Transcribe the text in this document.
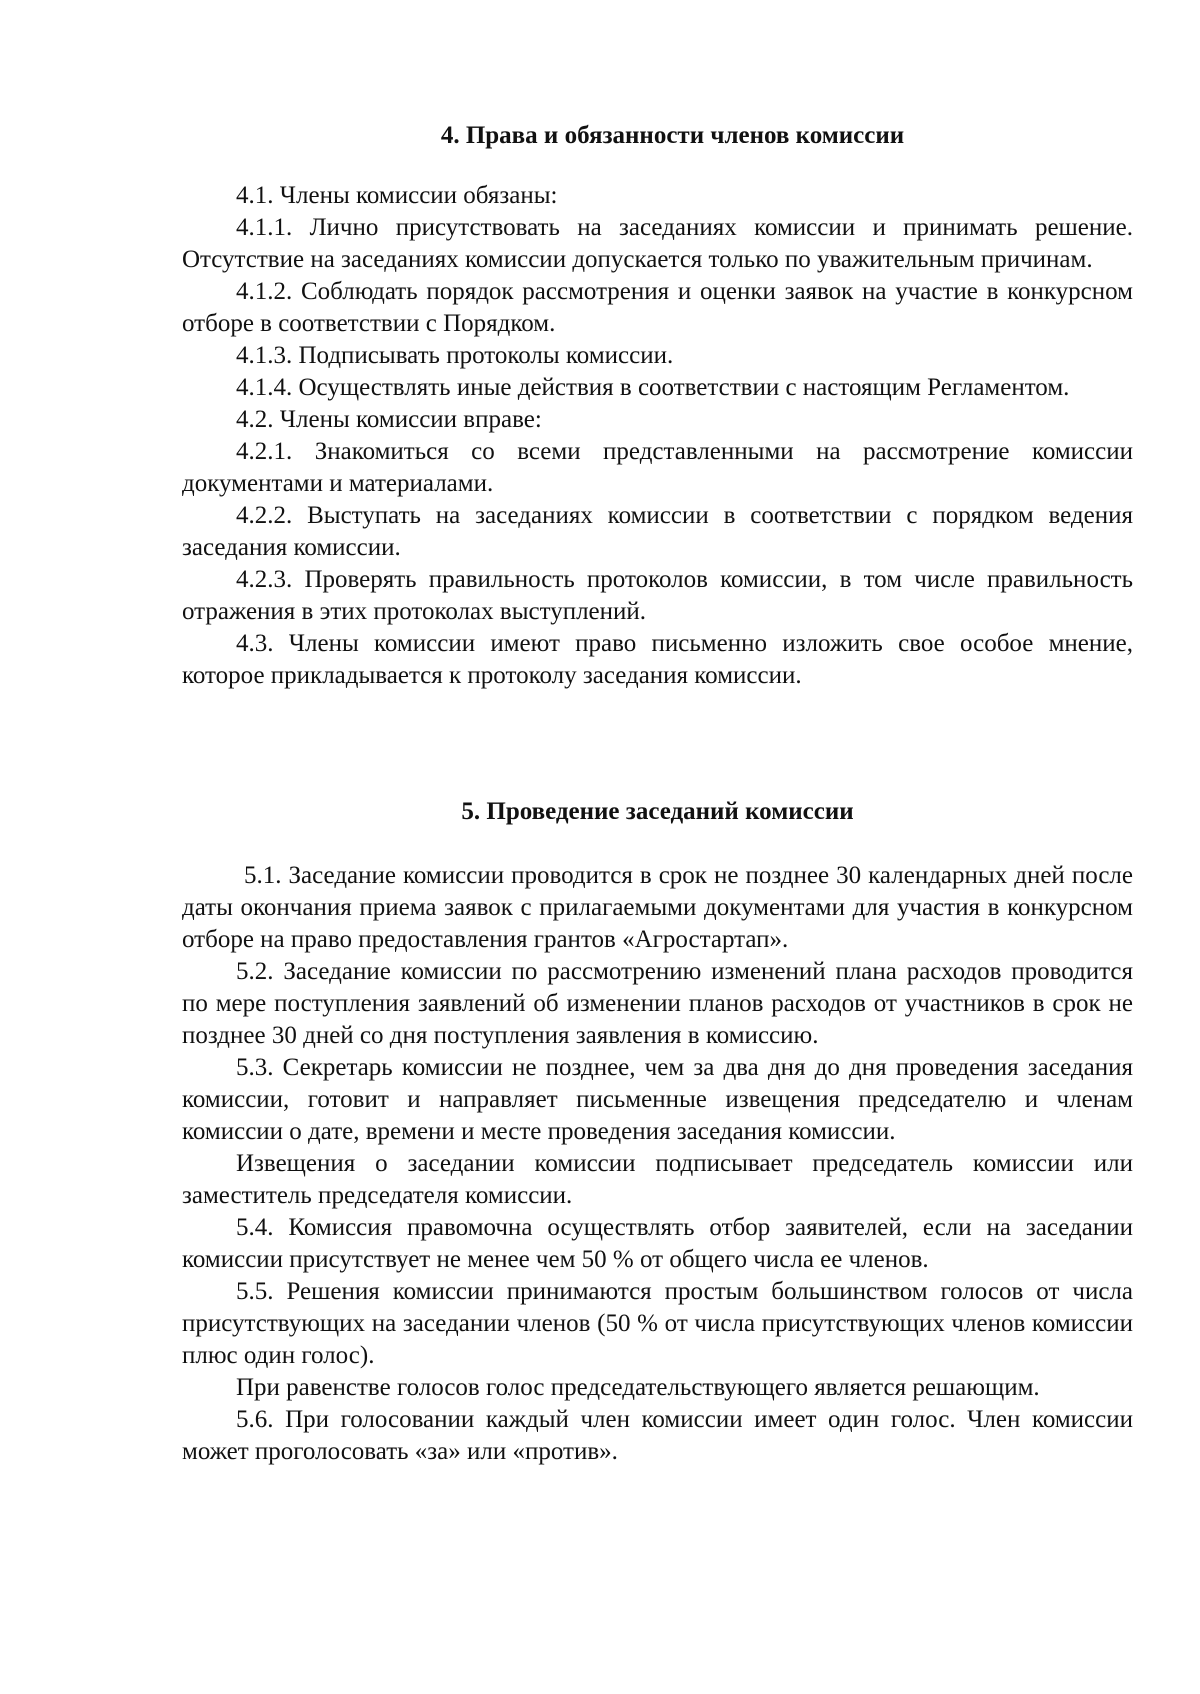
4. Права и обязанности членов комиссии

4.1. Члены комиссии обязаны:

4.1.1. Лично присутствовать на заседаниях комиссии и принимать решение. Отсутствие на заседаниях комиссии допускается только по уважительным причинам.

4.1.2. Соблюдать порядок рассмотрения и оценки заявок на участие в конкурсном отборе в соответствии с Порядком.

4.1.3. Подписывать протоколы комиссии.

4.1.4. Осуществлять иные действия в соответствии с настоящим Регламентом.

4.2. Члены комиссии вправе:

4.2.1. Знакомиться со всеми представленными на рассмотрение комиссии документами и материалами.

4.2.2. Выступать на заседаниях комиссии в соответствии с порядком ведения заседания комиссии.

4.2.3. Проверять правильность протоколов комиссии, в том числе правильность отражения в этих протоколах выступлений.

4.3. Члены комиссии имеют право письменно изложить свое особое мнение, которое прикладывается к протоколу заседания комиссии.

5. Проведение заседаний комиссии

5.1. Заседание комиссии проводится в срок не позднее 30 календарных дней после даты окончания приема заявок с прилагаемыми документами для участия в конкурсном отборе на право предоставления грантов «Агростартап».

5.2. Заседание комиссии по рассмотрению изменений плана расходов проводится по мере поступления заявлений об изменении планов расходов от участников в срок не позднее 30 дней со дня поступления заявления в комиссию.

5.3. Секретарь комиссии не позднее, чем за два дня до дня проведения заседания комиссии, готовит и направляет письменные извещения председателю и членам комиссии о дате, времени и месте проведения заседания комиссии.

Извещения о заседании комиссии подписывает председатель комиссии или заместитель председателя комиссии.

5.4. Комиссия правомочна осуществлять отбор заявителей, если на заседании комиссии присутствует не менее чем 50 % от общего числа ее членов.

5.5. Решения комиссии принимаются простым большинством голосов от числа присутствующих на заседании членов (50 % от числа присутствующих членов комиссии плюс один голос).

При равенстве голосов голос председательствующего является решающим.

5.6. При голосовании каждый член комиссии имеет один голос. Член комиссии может проголосовать «за» или «против».
